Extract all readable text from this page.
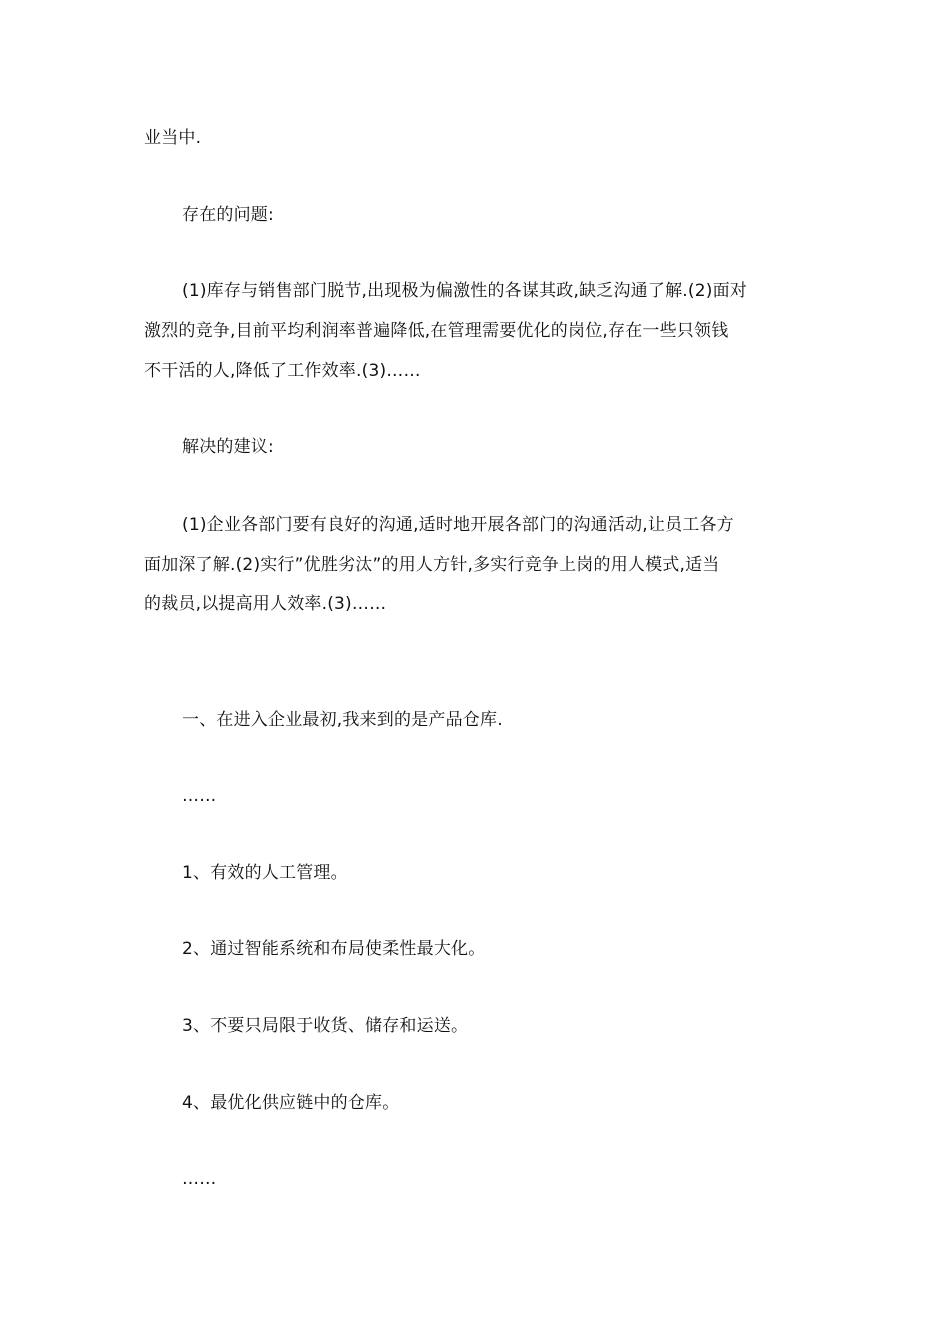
业当中.
存在的问题:
(1)库存与销售部门脱节,出现极为偏激性的各谋其政,缺乏沟通了解.(2)面对
激烈的竞争,目前平均利润率普遍降低,在管理需要优化的岗位,存在一些只领钱
不干活的人,降低了工作效率.(3)……
解决的建议:
(1)企业各部门要有良好的沟通,适时地开展各部门的沟通活动,让员工各方
面加深了解.(2)实行”优胜劣汰”的用人方针,多实行竞争上岗的用人模式,适当
的裁员,以提高用人效率.(3)……
一、在进入企业最初,我来到的是产品仓库.
……
1、有效的人工管理。
2、通过智能系统和布局使柔性最大化。
3、不要只局限于收货、储存和运送。
4、最优化供应链中的仓库。
……
